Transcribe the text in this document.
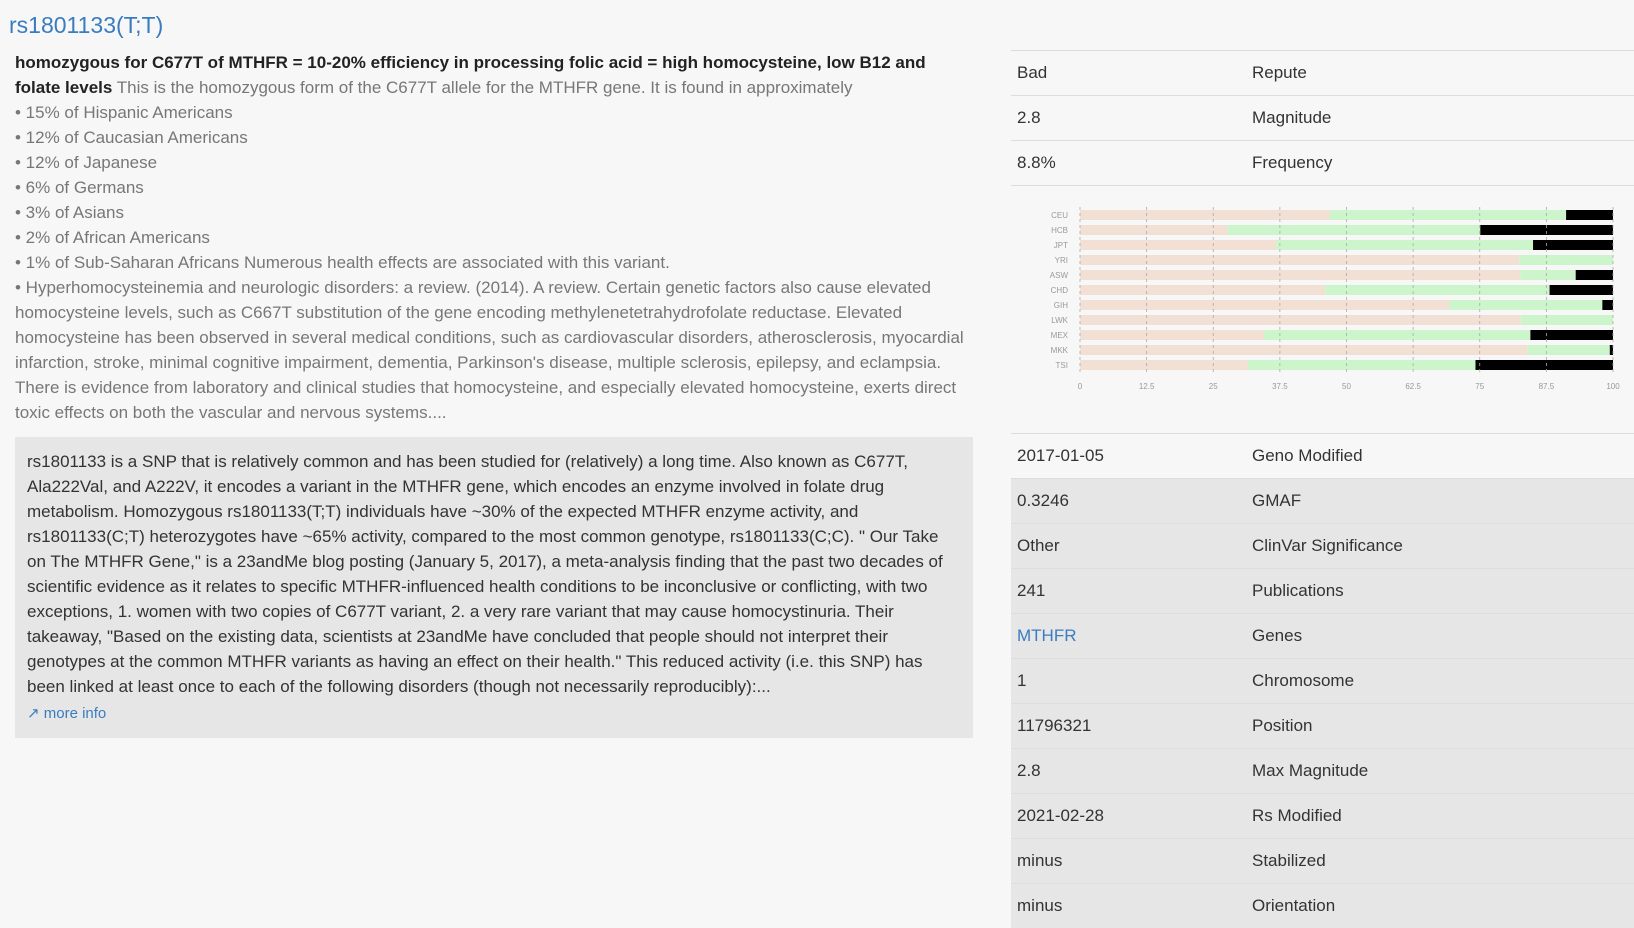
rs1801133(T;T)
homozygous for C677T of MTHFR = 10-20% efficiency in processing folic acid = high homocysteine, low B12 and folate levels This is the homozygous form of the C677T allele for the MTHFR gene. It is found in approximately
• 15% of Hispanic Americans
• 12% of Caucasian Americans
• 12% of Japanese
• 6% of Germans
• 3% of Asians
• 2% of African Americans
• 1% of Sub-Saharan Africans Numerous health effects are associated with this variant.
• Hyperhomocysteinemia and neurologic disorders: a review. (2014). A review. Certain genetic factors also cause elevated homocysteine levels, such as C667T substitution of the gene encoding methylenetetrahydrofolate reductase. Elevated homocysteine has been observed in several medical conditions, such as cardiovascular disorders, atherosclerosis, myocardial infarction, stroke, minimal cognitive impairment, dementia, Parkinson's disease, multiple sclerosis, epilepsy, and eclampsia. There is evidence from laboratory and clinical studies that homocysteine, and especially elevated homocysteine, exerts direct toxic effects on both the vascular and nervous systems....
rs1801133 is a SNP that is relatively common and has been studied for (relatively) a long time. Also known as C677T, Ala222Val, and A222V, it encodes a variant in the MTHFR gene, which encodes an enzyme involved in folate drug metabolism. Homozygous rs1801133(T;T) individuals have ~30% of the expected MTHFR enzyme activity, and rs1801133(C;T) heterozygotes have ~65% activity, compared to the most common genotype, rs1801133(C;C). " Our Take on The MTHFR Gene," is a 23andMe blog posting (January 5, 2017), a meta-analysis finding that the past two decades of scientific evidence as it relates to specific MTHFR-influenced health conditions to be inconclusive or conflicting, with two exceptions, 1. women with two copies of C677T variant, 2. a very rare variant that may cause homocystinuria. Their takeaway, "Based on the existing data, scientists at 23andMe have concluded that people should not interpret their genotypes at the common MTHFR variants as having an effect on their health." This reduced activity (i.e. this SNP) has been linked at least once to each of the following disorders (though not necessarily reproducibly):...
↗ more info
Bad	Repute
2.8	Magnitude
8.8%	Frequency
CEU
HCB
JPT
YRI
ASW
CHD
GIH
LWK
MEX
MKK
TSI
0	12.5	25	37.5	50	62.5	75	87.5	100
2017-01-05	Geno Modified
0.3246	GMAF
Other	ClinVar Significance
241	Publications
MTHFR	Genes
1	Chromosome
11796321	Position
2.8	Max Magnitude
2021-02-28	Rs Modified
minus	Stabilized
minus	Orientation
